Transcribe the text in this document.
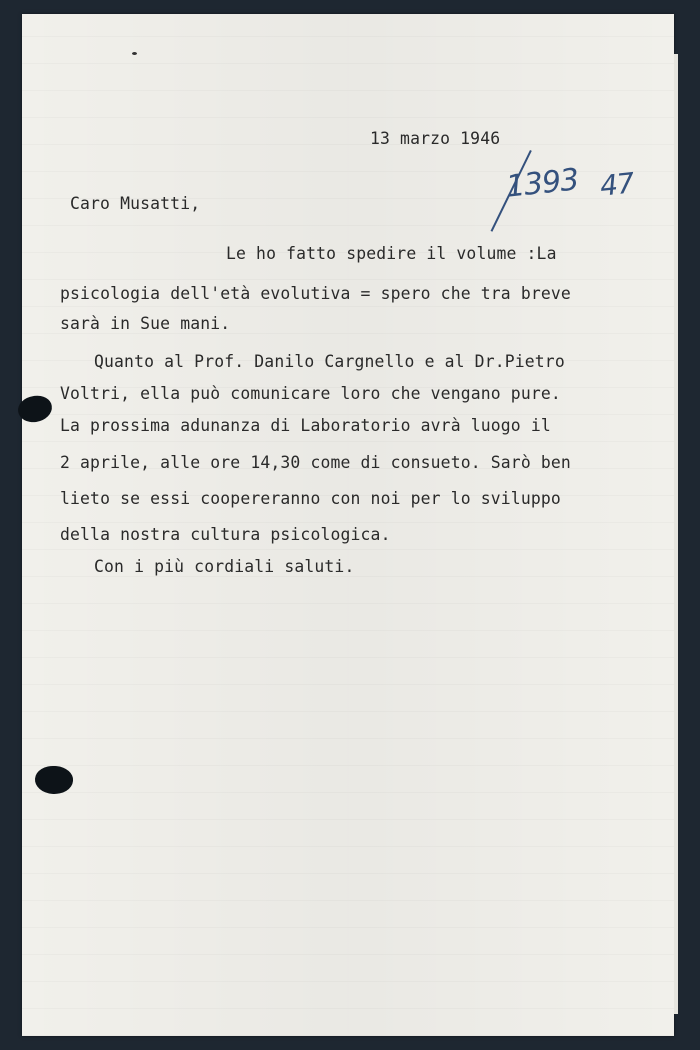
13 marzo 1946
1393 47
Caro Musatti,
Le ho fatto spedire il volume :La
psicologia dell'età evolutiva = spero che tra breve
sarà in Sue mani.
Quanto al Prof. Danilo Cargnello e al Dr.Pietro
Voltri, ella può comunicare loro che vengano pure.
La prossima adunanza di Laboratorio avrà luogo il
2 aprile, alle ore 14,30 come di consueto. Sarò ben
lieto se essi coopereranno con noi per lo sviluppo
della nostra cultura psicologica.
Con i più cordiali saluti.
